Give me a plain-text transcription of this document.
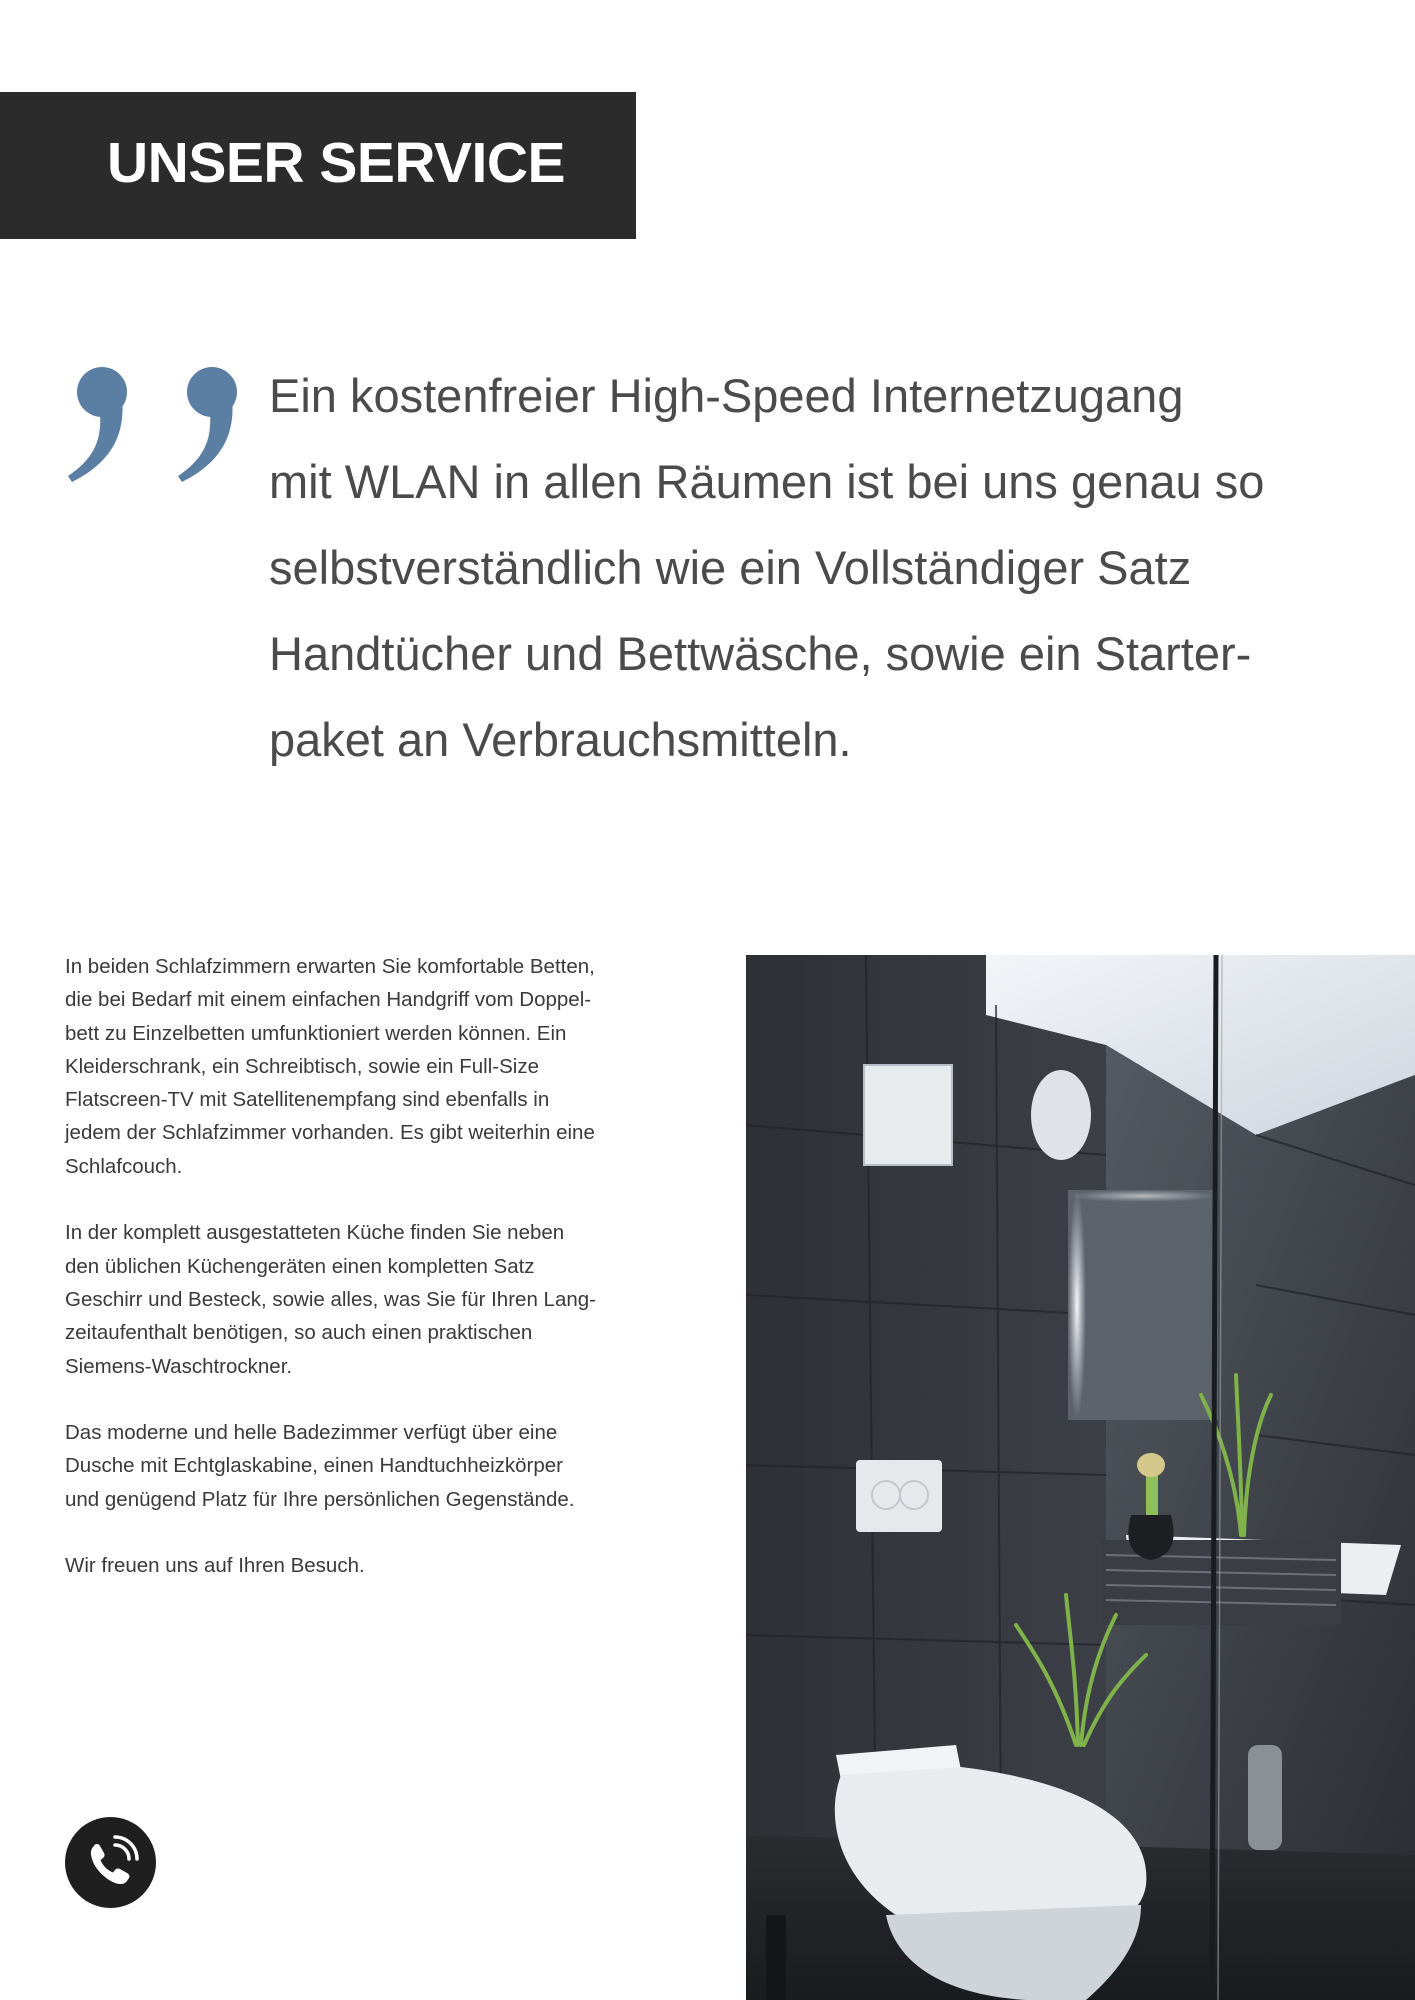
UNSER SERVICE
Ein kostenfreier High-Speed Internetzugang
mit WLAN in allen Räumen ist bei uns genau so
selbstverständlich wie ein Vollständiger Satz
Handtücher und Bettwäsche, sowie ein Starter-
paket an Verbrauchsmitteln.

In beiden Schlafzimmern erwarten Sie komfortable Betten,
die bei Bedarf mit einem einfachen Handgriff vom Doppel-
bett zu Einzelbetten umfunktioniert werden können. Ein
Kleiderschrank, ein Schreibtisch, sowie ein Full-Size
Flatscreen-TV mit Satellitenempfang sind ebenfalls in
jedem der Schlafzimmer vorhanden. Es gibt weiterhin eine
Schlafcouch.

In der komplett ausgestatteten Küche finden Sie neben
den üblichen Küchengeräten einen kompletten Satz
Geschirr und Besteck, sowie alles, was Sie für Ihren Lang-
zeitaufenthalt benötigen, so auch einen praktischen
Siemens-Waschtrockner.

Das moderne und helle Badezimmer verfügt über eine
Dusche mit Echtglaskabine, einen Handtuchheizkörper
und genügend Platz für Ihre persönlichen Gegenstände.

Wir freuen uns auf Ihren Besuch.
